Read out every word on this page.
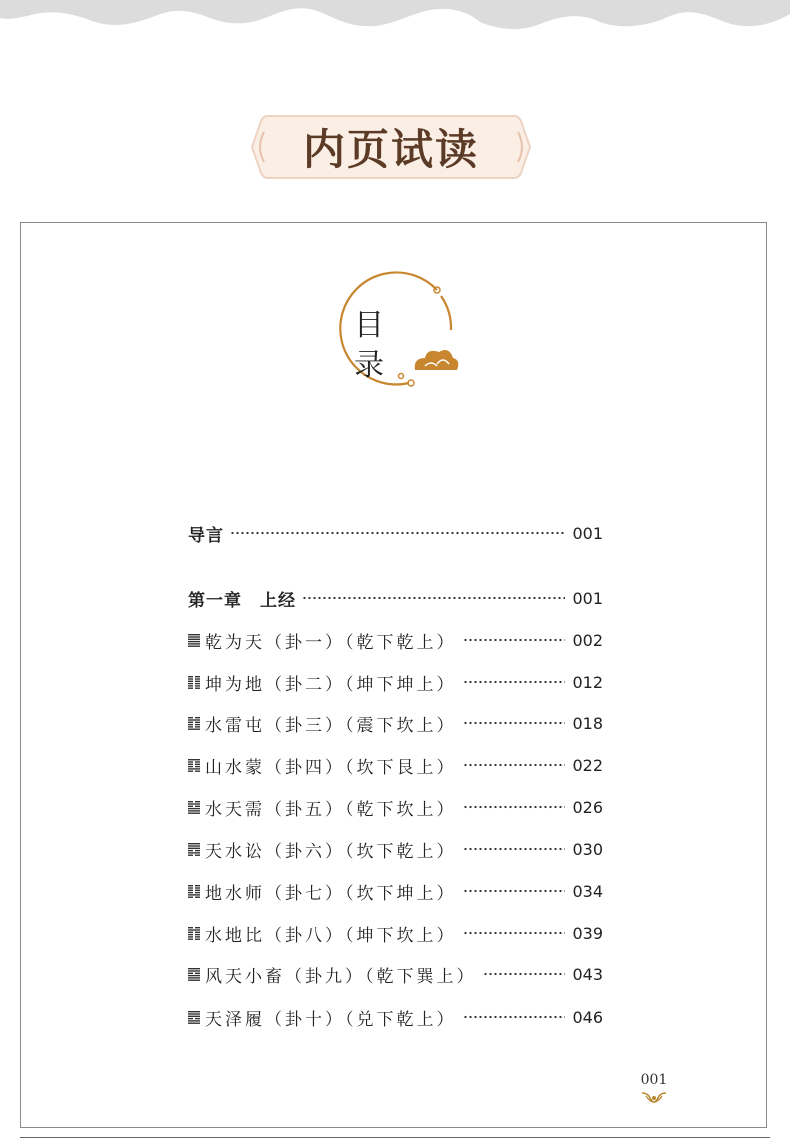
内页试读
目 录
导言	001
第一章　上经	001
乾为天（卦一）（乾下乾上）	002
坤为地（卦二）（坤下坤上）	012
水雷屯（卦三）（震下坎上）	018
山水蒙（卦四）（坎下艮上）	022
水天需（卦五）（乾下坎上）	026
天水讼（卦六）（坎下乾上）	030
地水师（卦七）（坎下坤上）	034
水地比（卦八）（坤下坎上）	039
风天小畜（卦九）（乾下巽上）	043
天泽履（卦十）（兑下乾上）	046
001
